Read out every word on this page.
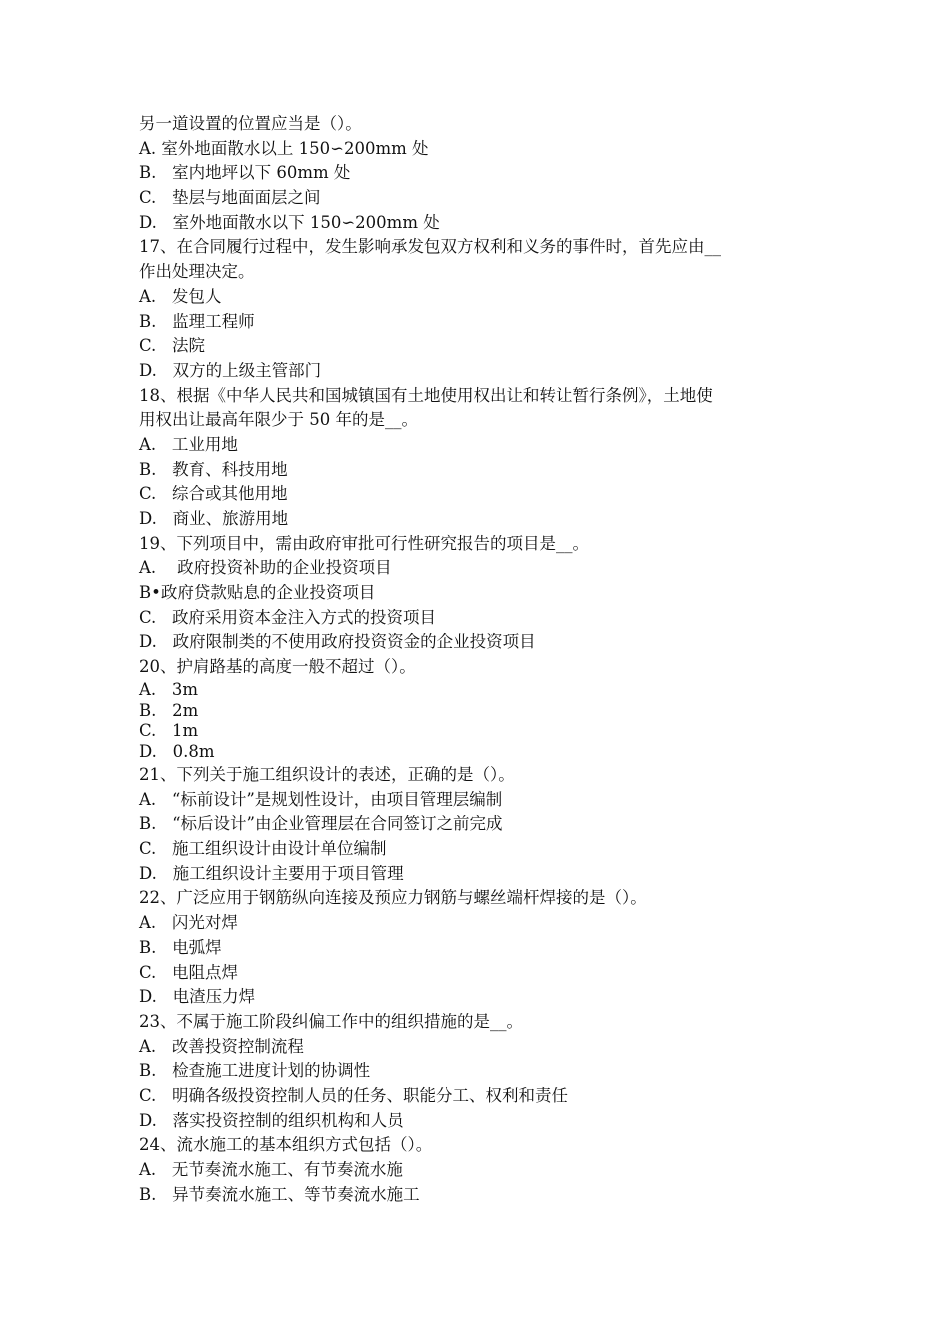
另一道设置的位置应当是（）。
A. 室外地面散水以上 150∽200mm 处
B.   室内地坪以下 60mm 处
C.   垫层与地面面层之间
D.   室外地面散水以下 150∽200mm 处
17、在合同履行过程中，发生影响承发包双方权利和义务的事件时，首先应由__
作出处理决定。
A.   发包人
B.   监理工程师
C.   法院
D.   双方的上级主管部门
18、根据《中华人民共和国城镇国有土地使用权出让和转让暂行条例》，土地使
用权出让最高年限少于 50 年的是__。
A.   工业用地
B.   教育、科技用地
C.   综合或其他用地
D.   商业、旅游用地
19、下列项目中，需由政府审批可行性研究报告的项目是__。
A.    政府投资补助的企业投资项目
B•政府贷款贴息的企业投资项目
C.   政府采用资本金注入方式的投资项目
D.   政府限制类的不使用政府投资资金的企业投资项目
20、护肩路基的高度一般不超过（）。
A.   3m
B.   2m
C.   1m
D.   0.8m
21、下列关于施工组织设计的表述，正确的是（）。
A.   “标前设计”是规划性设计，由项目管理层编制
B.   “标后设计”由企业管理层在合同签订之前完成
C.   施工组织设计由设计单位编制
D.   施工组织设计主要用于项目管理
22、广泛应用于钢筋纵向连接及预应力钢筋与螺丝端杆焊接的是（）。
A.   闪光对焊
B.   电弧焊
C.   电阻点焊
D.   电渣压力焊
23、不属于施工阶段纠偏工作中的组织措施的是__。
A.   改善投资控制流程
B.   检查施工进度计划的协调性
C.   明确各级投资控制人员的任务、职能分工、权利和责任
D.   落实投资控制的组织机构和人员
24、流水施工的基本组织方式包括（）。
A.   无节奏流水施工、有节奏流水施
B.   异节奏流水施工、等节奏流水施工
